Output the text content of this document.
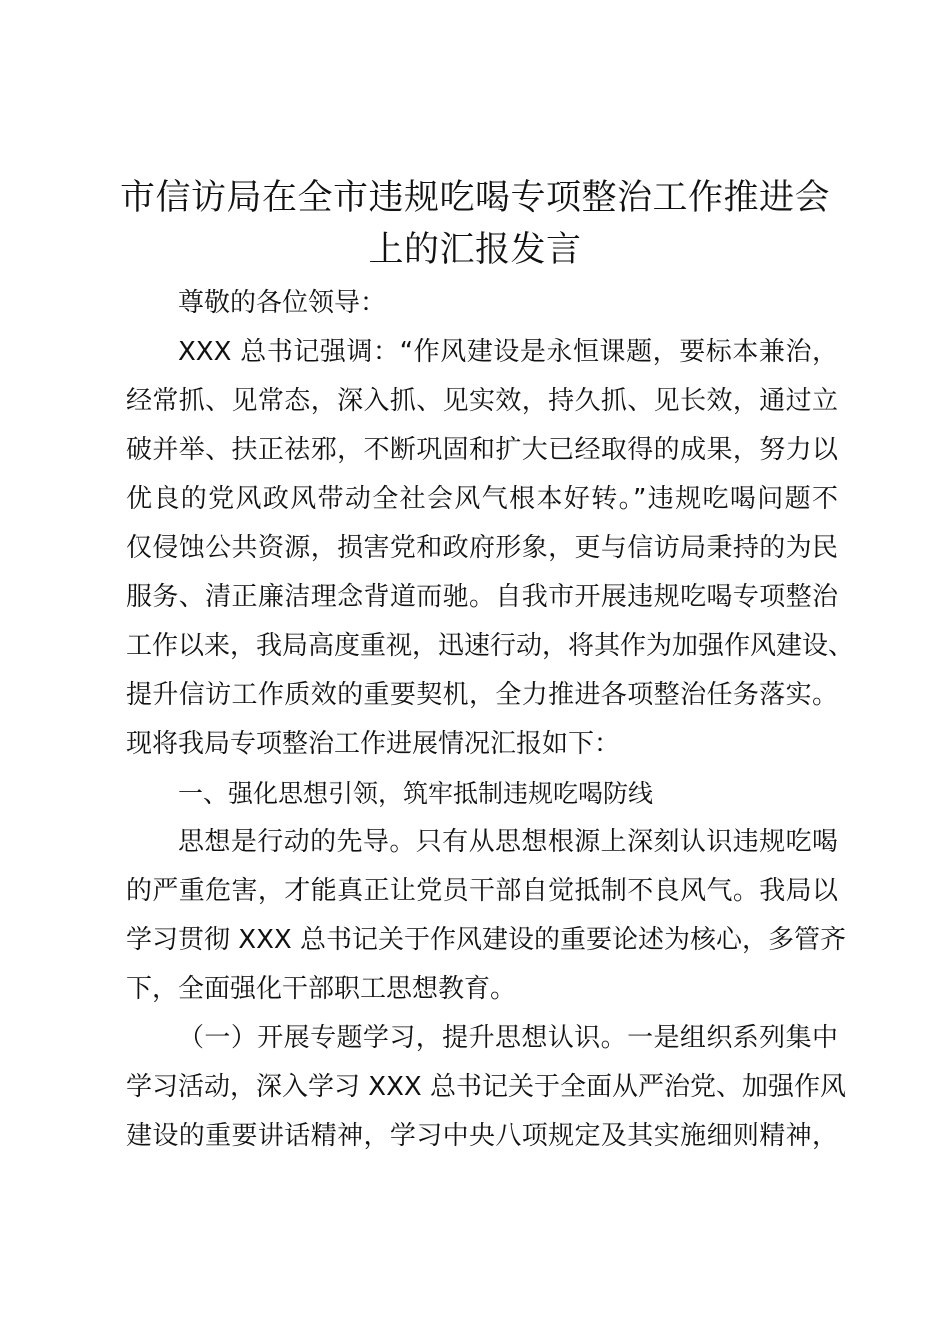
市信访局在全市违规吃喝专项整治工作推进会
上的汇报发言
尊敬的各位领导：
XXX 总书记强调：“作风建设是永恒课题，要标本兼治，
经常抓、见常态，深入抓、见实效，持久抓、见长效，通过立
破并举、扶正祛邪，不断巩固和扩大已经取得的成果，努力以
优良的党风政风带动全社会风气根本好转。”违规吃喝问题不
仅侵蚀公共资源，损害党和政府形象，更与信访局秉持的为民
服务、清正廉洁理念背道而驰。自我市开展违规吃喝专项整治
工作以来，我局高度重视，迅速行动，将其作为加强作风建设、
提升信访工作质效的重要契机，全力推进各项整治任务落实。
现将我局专项整治工作进展情况汇报如下：
一、强化思想引领，筑牢抵制违规吃喝防线
思想是行动的先导。只有从思想根源上深刻认识违规吃喝
的严重危害，才能真正让党员干部自觉抵制不良风气。我局以
学习贯彻 XXX 总书记关于作风建设的重要论述为核心，多管齐
下，全面强化干部职工思想教育。
（一）开展专题学习，提升思想认识。一是组织系列集中
学习活动，深入学习 XXX 总书记关于全面从严治党、加强作风
建设的重要讲话精神，学习中央八项规定及其实施细则精神，
